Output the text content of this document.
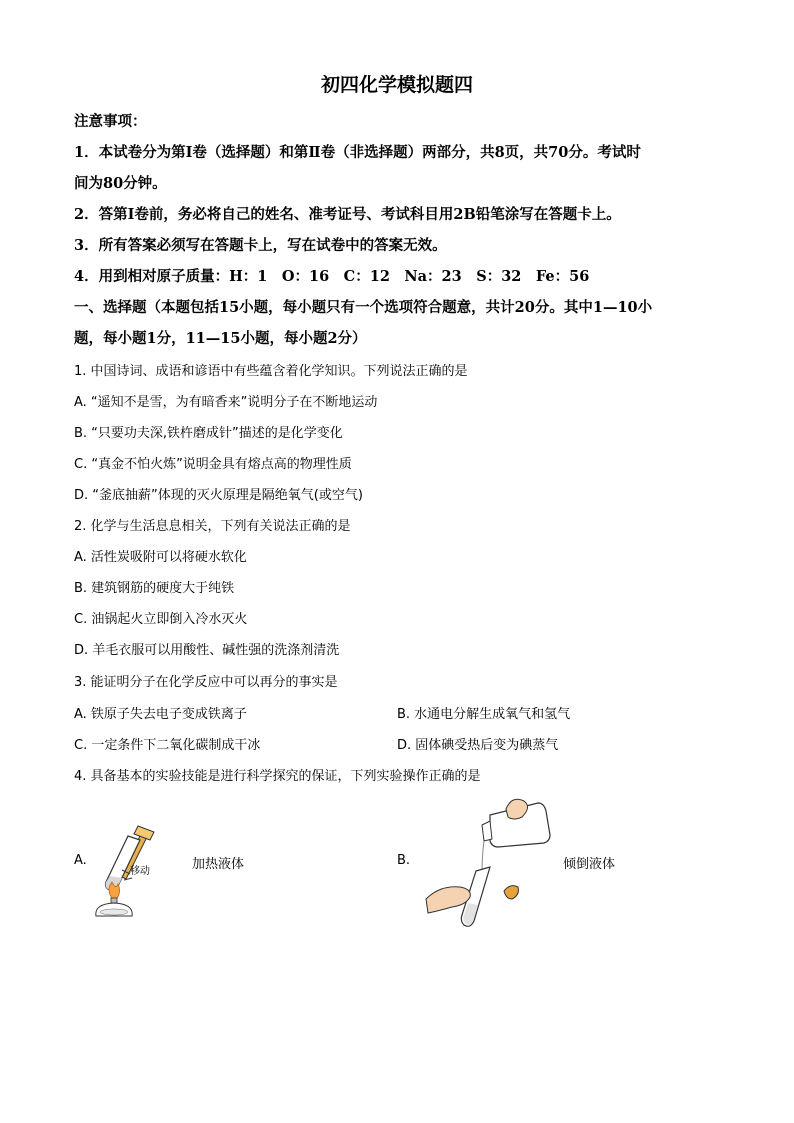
初四化学模拟题四
注意事项：
1．本试卷分为第Ⅰ卷（选择题）和第Ⅱ卷（非选择题）两部分，共8页，共70分。考试时
间为80分钟。
2．答第Ⅰ卷前，务必将自己的姓名、准考证号、考试科目用2B铅笔涂写在答题卡上。
3．所有答案必须写在答题卡上，写在试卷中的答案无效。
4．用到相对原子质量：H：1　O：16　C：12　Na：23　S：32　Fe：56
一、选择题（本题包括15小题，每小题只有一个选项符合题意，共计20分。其中1—10小
题，每小题1分，11—15小题，每小题2分）
1. 中国诗词、成语和谚语中有些蕴含着化学知识。下列说法正确的是
A. “遥知不是雪，为有暗香来”说明分子在不断地运动
B. “只要功夫深,铁杵磨成针”描述的是化学变化
C. “真金不怕火炼”说明金具有熔点高的物理性质
D. “釜底抽薪”体现的灭火原理是隔绝氧气(或空气)
2. 化学与生活息息相关，下列有关说法正确的是
A. 活性炭吸附可以将硬水软化
B. 建筑钢筋的硬度大于纯铁
C. 油锅起火立即倒入冷水灭火
D. 羊毛衣服可以用酸性、碱性强的洗涤剂清洗
3. 能证明分子在化学反应中可以再分的事实是
A. 铁原子失去电子变成铁离子	B. 水通电分解生成氧气和氢气
C. 一定条件下二氧化碳制成干冰	D. 固体碘受热后变为碘蒸气
4. 具备基本的实验技能是进行科学探究的保证，下列实验操作正确的是
A.
移动	加热液体	B.	倾倒液体
